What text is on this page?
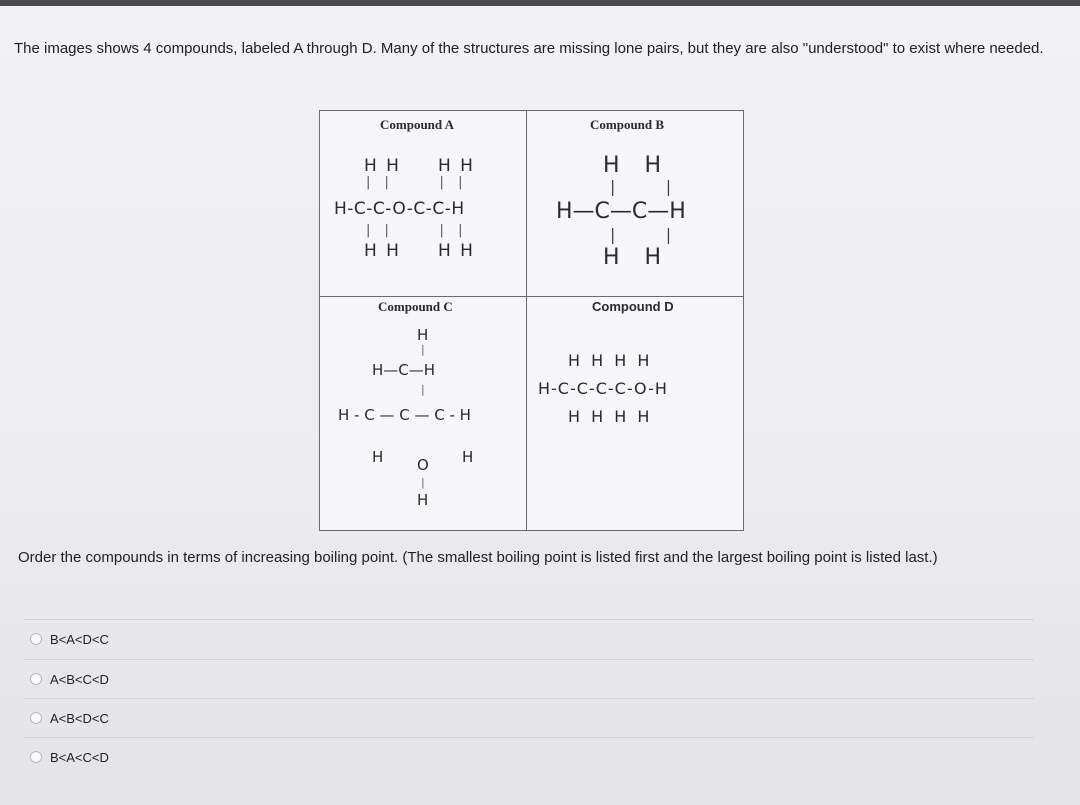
The images shows 4 compounds, labeled A through D. Many of the structures are missing lone pairs, but they are also "understood" to exist where needed.
Compound A
H H     H H
| |     | |
H-C-C-O-C-C-H
| |     | |
H H     H H
Compound B
H   H
|    |
H—C—C—H
|    |
H   H
Compound C
H
|
H—C—H
|
H - C — C — C - H
H O H
|
H
Compound D
H H H H
H-C-C-C-C-O-H
H H H H
Order the compounds in terms of increasing boiling point. (The smallest boiling point is listed first and the largest boiling point is listed last.)
B<A<D<C
A<B<C<D
A<B<D<C
B<A<C<D
